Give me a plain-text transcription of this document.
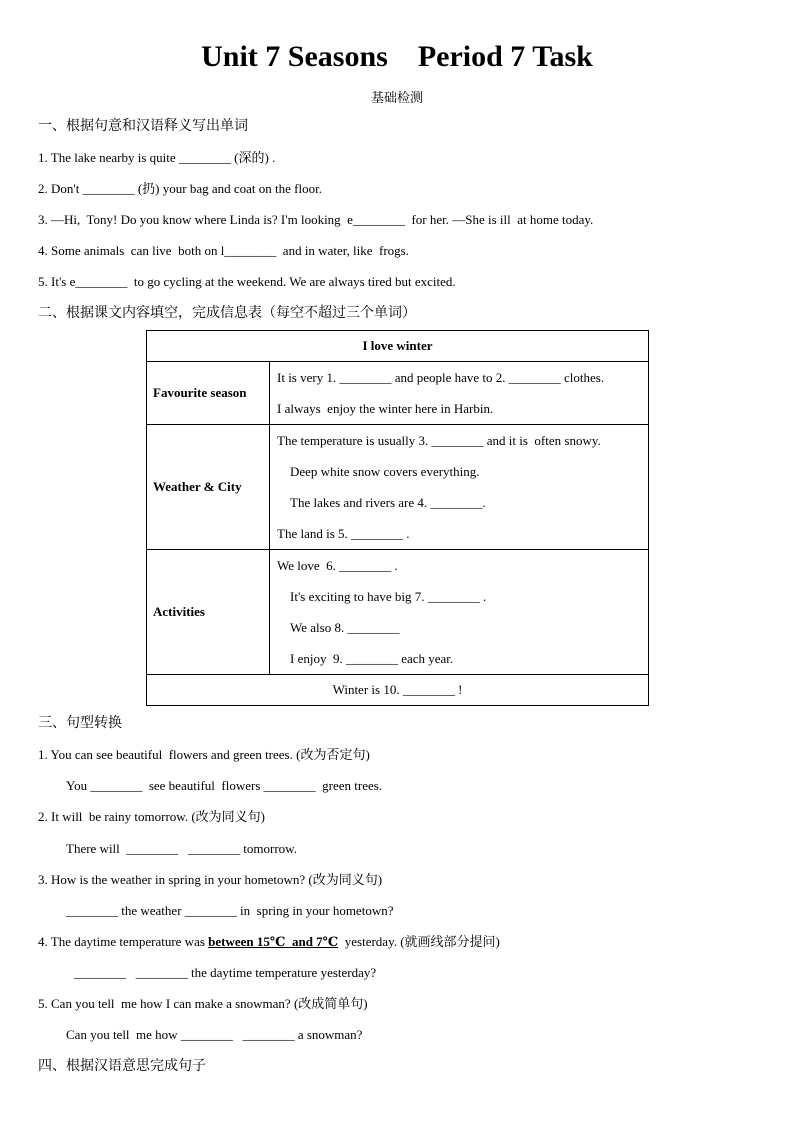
Unit 7 Seasons    Period 7 Task
基础检测
一、根据句意和汉语释义写出单词
1. The lake nearby is quite ________ (深的) .
2. Don't ________ (扔) your bag and coat on the floor.
3. —Hi,  Tony! Do you know where Linda is? I'm looking  e________  for her. —She is ill  at home today.
4. Some animals  can live  both on l________  and in water, like  frogs.
5. It's e________  to go cycling at the weekend. We are always tired but excited.
二、根据课文内容填空，完成信息表（每空不超过三个单词）
I love winter	
Favourite season	It is very 1. ________ and people have to 2. ________ clothes.
I always  enjoy the winter here in Harbin.

Weather & City	The temperature is usually 3. ________ and it is  often snowy.
Deep white snow covers everything.
The lakes and rivers are 4. ________.
The land is 5. ________ .

Activities	We love  6. ________ .
It's exciting to have big 7. ________ .
We also 8. ________
I enjoy  9. ________ each year.

Winter is 10. ________ !	
三、句型转换
1. You can see beautiful  flowers and green trees. (改为否定句)
You ________  see beautiful  flowers ________  green trees.
2. It will  be rainy tomorrow. (改为同义句)
There will  ________   ________ tomorrow.
3. How is the weather in spring in your hometown? (改为同义句)
________ the weather ________ in  spring in your hometown?
4. The daytime temperature was between 15℃  and 7℃  yesterday. (就画线部分提问)
________   ________ the daytime temperature yesterday?
5. Can you tell  me how I can make a snowman? (改成简单句)
Can you tell  me how ________   ________ a snowman?
四、根据汉语意思完成句子
